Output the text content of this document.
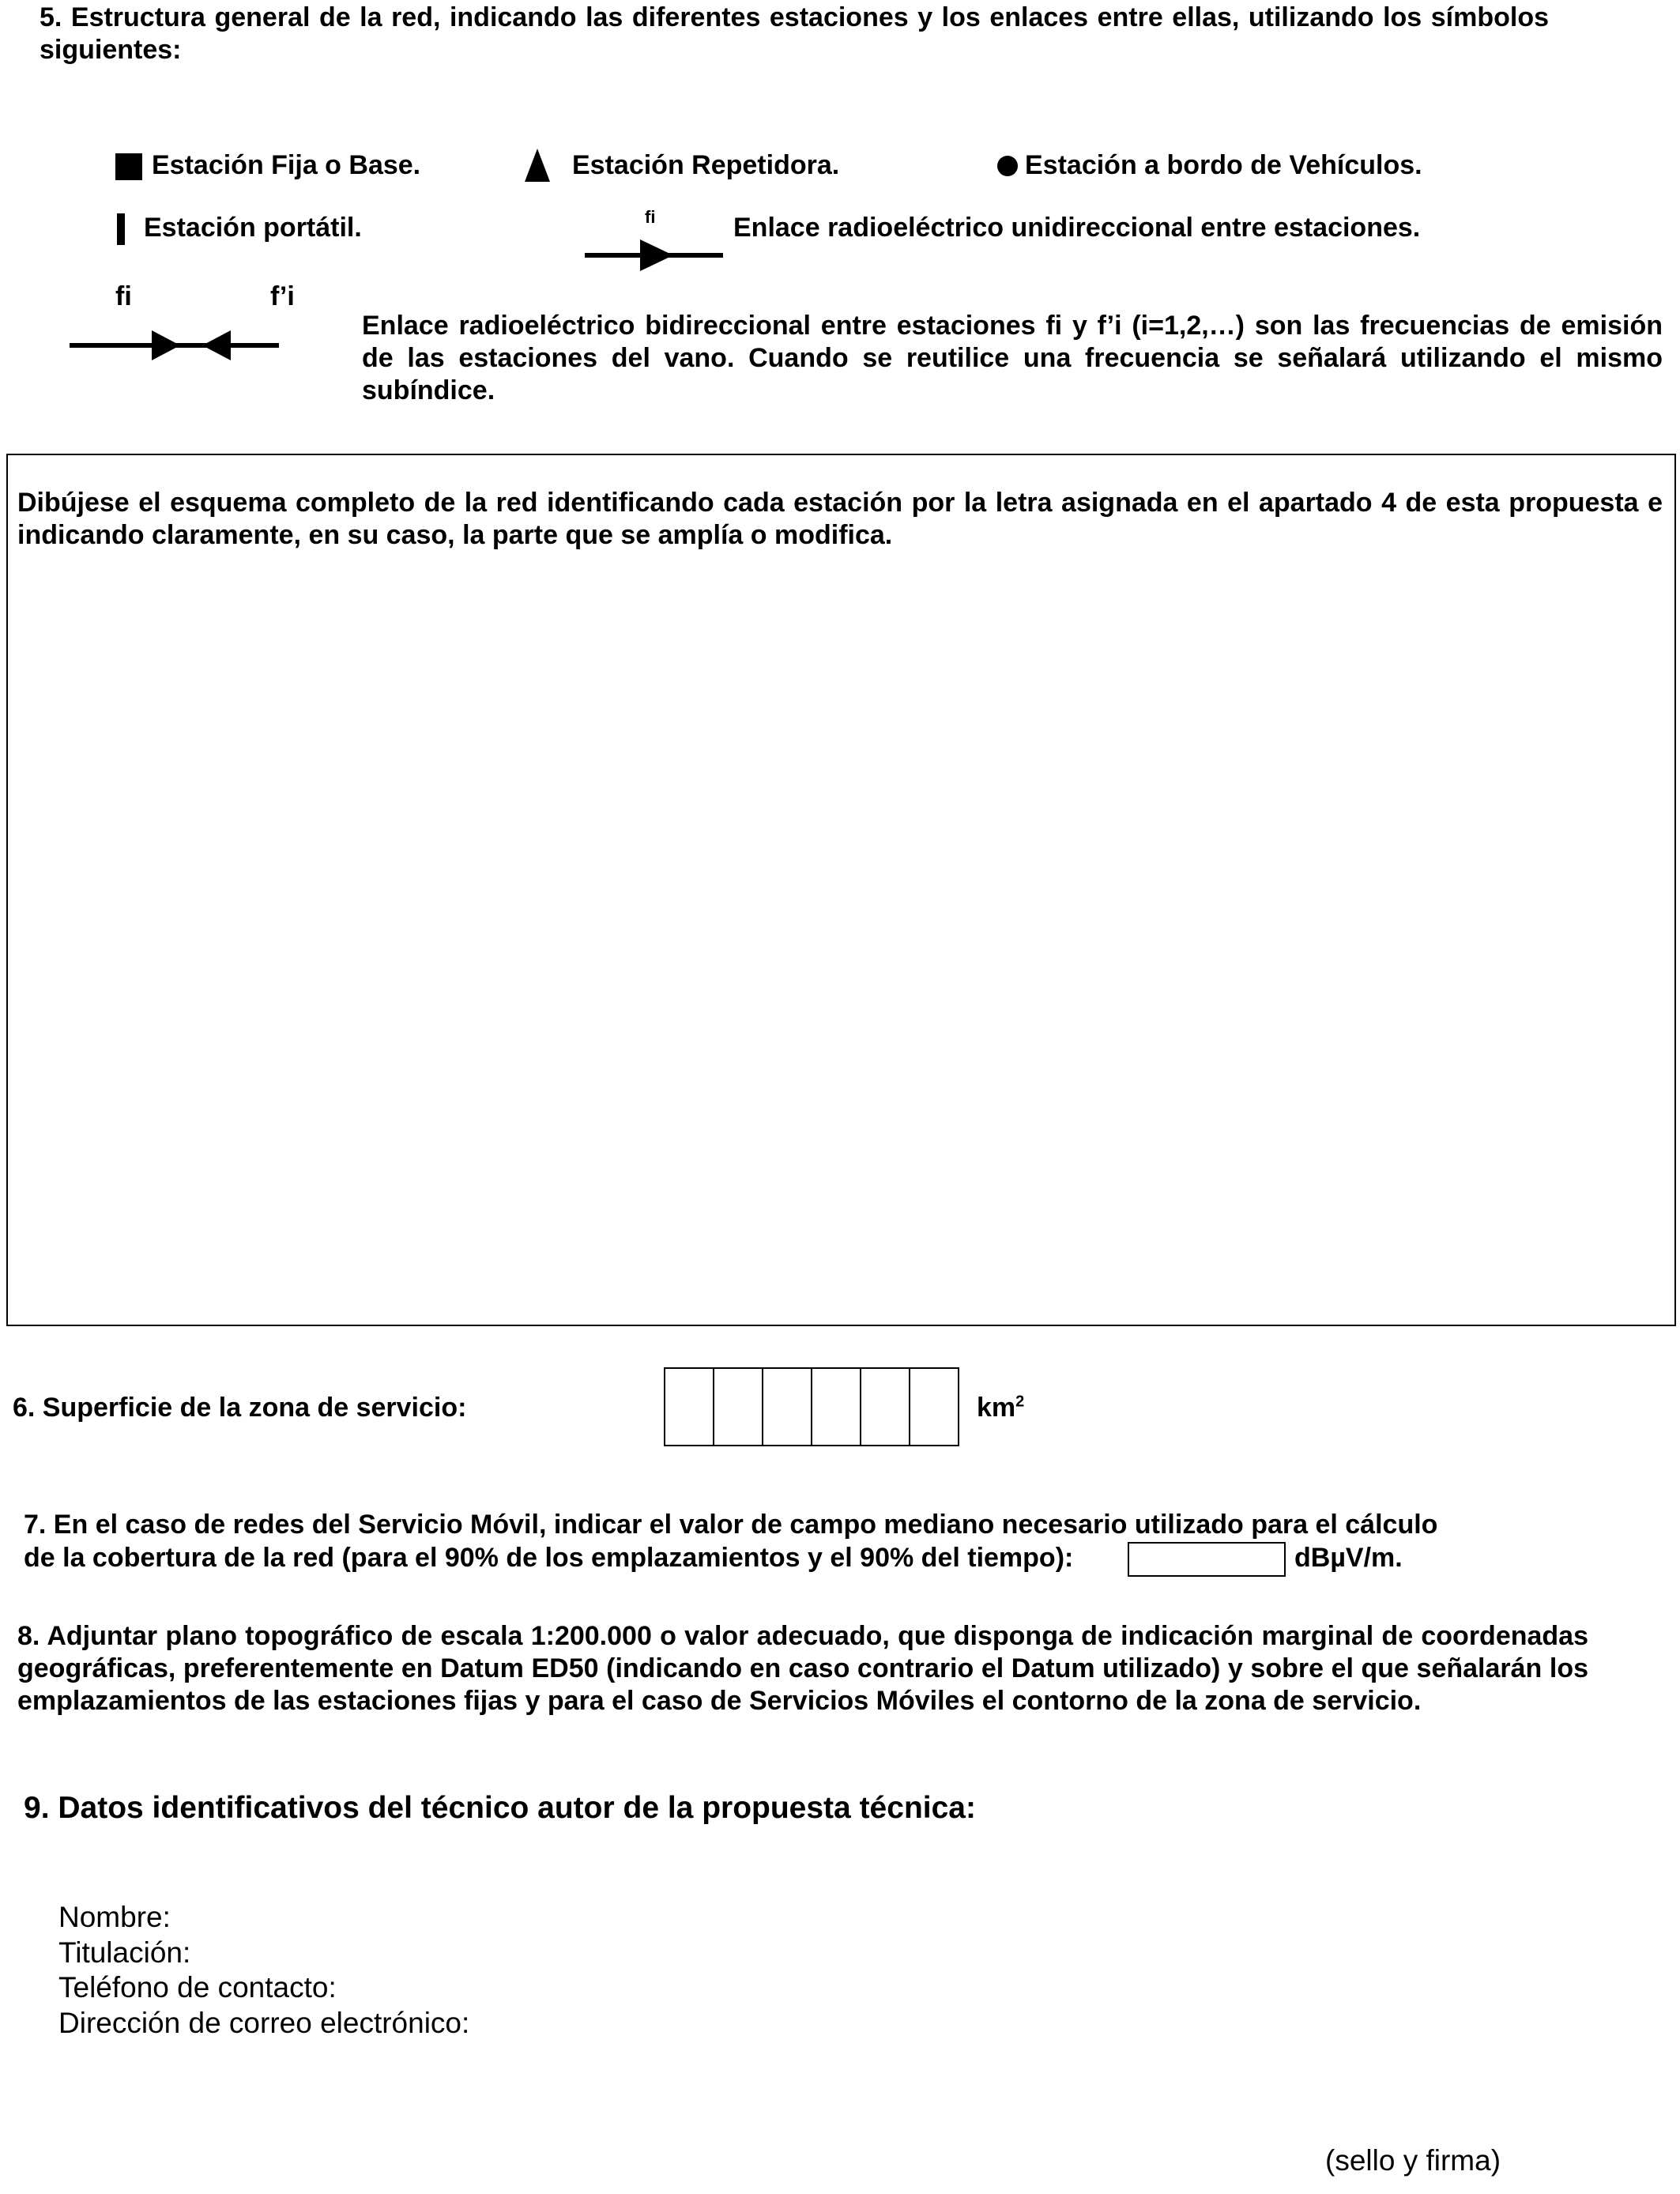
5. Estructura general de la red, indicando las diferentes estaciones y los enlaces entre ellas, utilizando los símbolos siguientes:
Estación Fija o Base.	Estación Repetidora.	Estación a bordo de Vehículos.
Estación portátil.	fi	Enlace radioeléctrico unidireccional entre estaciones.
fi	f’i
Enlace radioeléctrico bidireccional entre estaciones fi y f’i (i=1,2,…) son las frecuencias de emisión de las estaciones del vano. Cuando se reutilice una frecuencia se señalará utilizando el mismo subíndice.
Dibújese el esquema completo de la red identificando cada estación por la letra asignada en el apartado 4 de esta propuesta e indicando claramente, en su caso, la parte que se amplía o modifica.
6. Superficie de la zona de servicio:	$km^2$
7. En el caso de redes del Servicio Móvil, indicar el valor de campo mediano necesario utilizado para el cálculo
de la cobertura de la red (para el 90% de los emplazamientos y el 90% del tiempo):	dBµV/m.
8. Adjuntar plano topográfico de escala 1:200.000 o valor adecuado, que disponga de indicación marginal de coordenadas geográficas, preferentemente en Datum ED50 (indicando en caso contrario el Datum utilizado) y sobre el que señalarán los emplazamientos de las estaciones fijas y para el caso de Servicios Móviles el contorno de la zona de servicio.
9. Datos identificativos del técnico autor de la propuesta técnica:
Nombre:
Titulación:
Teléfono de contacto:
Dirección de correo electrónico:
(sello y firma)
